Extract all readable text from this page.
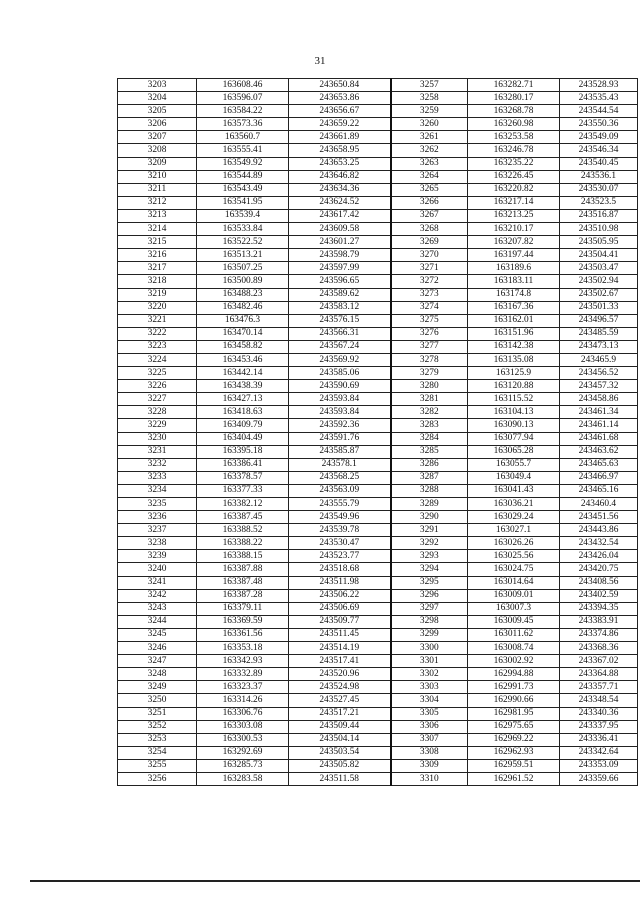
31
3203	163608.46	243650.84	3257	163282.71	243528.93
3204	163596.07	243653.86	3258	163280.17	243535.43
3205	163584.22	243656.67	3259	163268.78	243544.54
3206	163573.36	243659.22	3260	163260.98	243550.36
3207	163560.7	243661.89	3261	163253.58	243549.09
3208	163555.41	243658.95	3262	163246.78	243546.34
3209	163549.92	243653.25	3263	163235.22	243540.45
3210	163544.89	243646.82	3264	163226.45	243536.1
3211	163543.49	243634.36	3265	163220.82	243530.07
3212	163541.95	243624.52	3266	163217.14	243523.5
3213	163539.4	243617.42	3267	163213.25	243516.87
3214	163533.84	243609.58	3268	163210.17	243510.98
3215	163522.52	243601.27	3269	163207.82	243505.95
3216	163513.21	243598.79	3270	163197.44	243504.41
3217	163507.25	243597.99	3271	163189.6	243503.47
3218	163500.89	243596.65	3272	163183.11	243502.94
3219	163488.23	243589.62	3273	163174.8	243502.67
3220	163482.46	243583.12	3274	163167.36	243501.33
3221	163476.3	243576.15	3275	163162.01	243496.57
3222	163470.14	243566.31	3276	163151.96	243485.59
3223	163458.82	243567.24	3277	163142.38	243473.13
3224	163453.46	243569.92	3278	163135.08	243465.9
3225	163442.14	243585.06	3279	163125.9	243456.52
3226	163438.39	243590.69	3280	163120.88	243457.32
3227	163427.13	243593.84	3281	163115.52	243458.86
3228	163418.63	243593.84	3282	163104.13	243461.34
3229	163409.79	243592.36	3283	163090.13	243461.14
3230	163404.49	243591.76	3284	163077.94	243461.68
3231	163395.18	243585.87	3285	163065.28	243463.62
3232	163386.41	243578.1	3286	163055.7	243465.63
3233	163378.57	243568.25	3287	163049.4	243466.97
3234	163377.33	243563.09	3288	163041.43	243465.16
3235	163382.12	243555.79	3289	163036.21	243460.4
3236	163387.45	243549.96	3290	163029.24	243451.56
3237	163388.52	243539.78	3291	163027.1	243443.86
3238	163388.22	243530.47	3292	163026.26	243432.54
3239	163388.15	243523.77	3293	163025.56	243426.04
3240	163387.88	243518.68	3294	163024.75	243420.75
3241	163387.48	243511.98	3295	163014.64	243408.56
3242	163387.28	243506.22	3296	163009.01	243402.59
3243	163379.11	243506.69	3297	163007.3	243394.35
3244	163369.59	243509.77	3298	163009.45	243383.91
3245	163361.56	243511.45	3299	163011.62	243374.86
3246	163353.18	243514.19	3300	163008.74	243368.36
3247	163342.93	243517.41	3301	163002.92	243367.02
3248	163332.89	243520.96	3302	162994.88	243364.88
3249	163323.37	243524.98	3303	162991.73	243357.71
3250	163314.26	243527.45	3304	162990.66	243348.54
3251	163306.76	243517.21	3305	162981.95	243340.36
3252	163303.08	243509.44	3306	162975.65	243337.95
3253	163300.53	243504.14	3307	162969.22	243336.41
3254	163292.69	243503.54	3308	162962.93	243342.64
3255	163285.73	243505.82	3309	162959.51	243353.09
3256	163283.58	243511.58	3310	162961.52	243359.66
